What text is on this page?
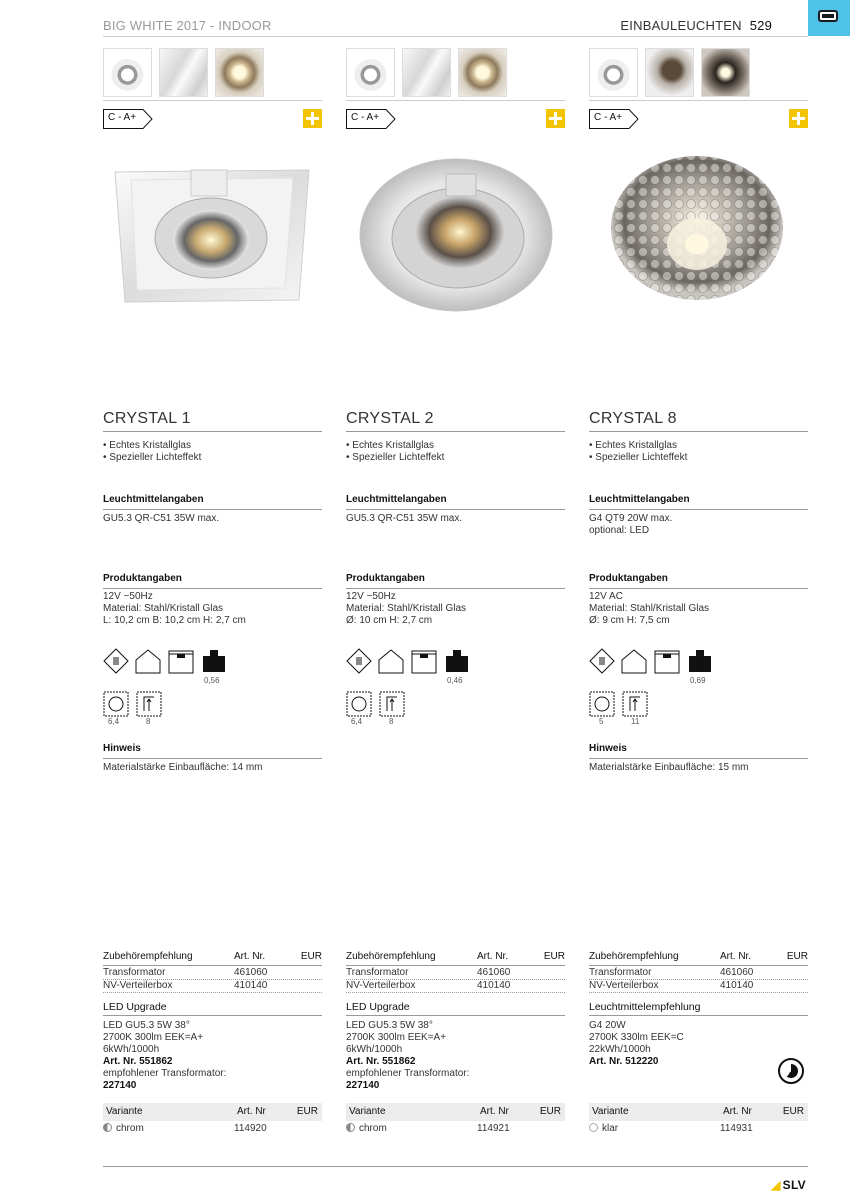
BIG WHITE 2017 - INDOOR	EINBAULEUCHTEN 529
C - A+
CRYSTAL 1
• Echtes Kristallglas
• Spezieller Lichteffekt
Leuchtmittelangaben
GU5.3 QR-C51 35W max.
Produktangaben
12V ~50Hz
Material: Stahl/Kristall Glas
L: 10,2 cm B: 10,2 cm H: 2,7 cm
0,56
6,4	8
Hinweis
Materialstärke Einbaufläche: 14 mm
Zubehörempfehlung	Art. Nr.	EUR
Transformator	461060
NV-Verteilerbox	410140
LED Upgrade
LED GU5.3 5W 38°
2700K 300lm EEK=A+
6kWh/1000h
Art. Nr. 551862
empfohlener Transformator:
227140
Variante	Art. Nr	EUR
chrom	114920
C - A+
CRYSTAL 2
• Echtes Kristallglas
• Spezieller Lichteffekt
Leuchtmittelangaben
GU5.3 QR-C51 35W max.
Produktangaben
12V ~50Hz
Material: Stahl/Kristall Glas
Ø: 10 cm H: 2,7 cm
0,46
6,4	8
Zubehörempfehlung	Art. Nr.	EUR
Transformator	461060
NV-Verteilerbox	410140
LED Upgrade
LED GU5.3 5W 38°
2700K 300lm EEK=A+
6kWh/1000h
Art. Nr. 551862
empfohlener Transformator:
227140
Variante	Art. Nr	EUR
chrom	114921
C - A+
CRYSTAL 8
• Echtes Kristallglas
• Spezieller Lichteffekt
Leuchtmittelangaben
G4 QT9 20W max.
optional: LED
Produktangaben
12V AC
Material: Stahl/Kristall Glas
Ø: 9 cm H: 7,5 cm
0,69
5	11
Hinweis
Materialstärke Einbaufläche: 15 mm
Zubehörempfehlung	Art. Nr.	EUR
Transformator	461060
NV-Verteilerbox	410140
Leuchtmittelempfehlung
G4 20W
2700K 330lm EEK=C
22kWh/1000h
Art. Nr. 512220
Variante	Art. Nr	EUR
klar	114931
◢ SLV
